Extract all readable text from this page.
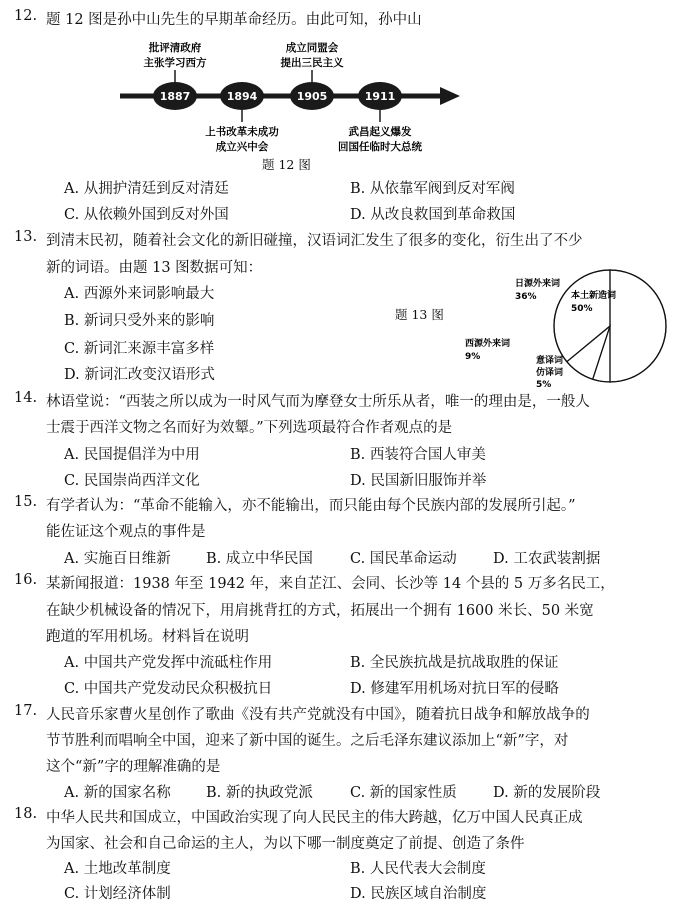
12. 题 12 图是孙中山先生的早期革命经历。由此可知，孙中山
1887
批评清政府
主张学习西方
1894
上书改革未成功
成立兴中会
1905
成立同盟会
提出三民主义
1911
武昌起义爆发
回国任临时大总统
题 12 图
A. 从拥护清廷到反对清廷	B. 从依靠军阀到反对军阀
C. 从依赖外国到反对外国	D. 从改良救国到革命救国
13. 到清末民初，随着社会文化的新旧碰撞，汉语词汇发生了很多的变化，衍生出了不少
新的词语。由题 13 图数据可知：
A. 西源外来词影响最大
B. 新词只受外来的影响
C. 新词汇来源丰富多样
D. 新词汇改变汉语形式
题 13 图
日源外来词
36%	本土新造词
50%
西源外来词
9%	意译词
仿译词
5%
14. 林语堂说：“西装之所以成为一时风气而为摩登女士所乐从者，唯一的理由是，一般人
士震于西洋文物之名而好为效颦。”下列选项最符合作者观点的是
A. 民国提倡洋为中用	B. 西装符合国人审美
C. 民国崇尚西洋文化	D. 民国新旧服饰并举
15. 有学者认为：“革命不能输入，亦不能输出，而只能由每个民族内部的发展所引起。”
能佐证这个观点的事件是
A. 实施百日维新 B. 成立中华民国	C. 国民革命运动 D. 工农武装割据
16. 某新闻报道：1938 年至 1942 年，来自芷江、会同、长沙等 14 个县的 5 万多名民工，
在缺少机械设备的情况下，用肩挑背扛的方式，拓展出一个拥有 1600 米长、50 米宽
跑道的军用机场。材料旨在说明
A. 中国共产党发挥中流砥柱作用	B. 全民族抗战是抗战取胜的保证
C. 中国共产党发动民众积极抗日	D. 修建军用机场对抗日军的侵略
17. 人民音乐家曹火星创作了歌曲《没有共产党就没有中国》，随着抗日战争和解放战争的
节节胜利而唱响全中国，迎来了新中国的诞生。之后毛泽东建议添加上“新”字，对
这个“新”字的理解准确的是
A. 新的国家名称 B. 新的执政党派	C. 新的国家性质 D. 新的发展阶段
18. 中华人民共和国成立，中国政治实现了向人民民主的伟大跨越，亿万中国人民真正成
为国家、社会和自己命运的主人，为以下哪一制度奠定了前提、创造了条件
A. 土地改革制度	B. 人民代表大会制度
C. 计划经济体制	D. 民族区域自治制度
